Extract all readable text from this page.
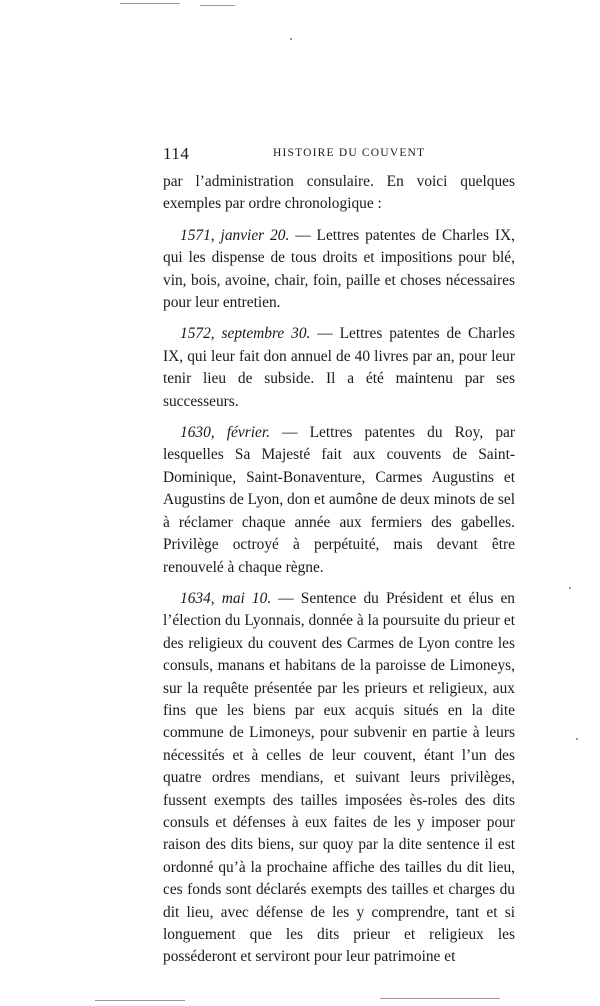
114	HISTOIRE DU COUVENT

par l’administration consulaire. En voici quelques exemples par ordre chronologique :

1571, janvier 20. — Lettres patentes de Charles IX, qui les dispense de tous droits et impositions pour blé, vin, bois, avoine, chair, foin, paille et choses nécessaires pour leur entretien.

1572, septembre 30. — Lettres patentes de Charles IX, qui leur fait don annuel de 40 livres par an, pour leur tenir lieu de subside. Il a été maintenu par ses successeurs.

1630, février. — Lettres patentes du Roy, par lesquelles Sa Majesté fait aux couvents de Saint-Dominique, Saint-Bonaventure, Carmes Augustins et Augustins de Lyon, don et aumône de deux minots de sel à réclamer chaque année aux fermiers des gabelles. Privilège octroyé à perpétuité, mais devant être renouvelé à chaque règne.

1634, mai 10. — Sentence du Président et élus en l’élection du Lyonnais, donnée à la poursuite du prieur et des religieux du couvent des Carmes de Lyon contre les consuls, manans et habitans de la paroisse de Limoneys, sur la requête présentée par les prieurs et religieux, aux fins que les biens par eux acquis situés en la dite commune de Limoneys, pour subvenir en partie à leurs nécessités et à celles de leur couvent, étant l’un des quatre ordres mendians, et suivant leurs privilèges, fussent exempts des tailles imposées ès-roles des dits consuls et défenses à eux faites de les y imposer pour raison des dits biens, sur quoy par la dite sentence il est ordonné qu’à la prochaine affiche des tailles du dit lieu, ces fonds sont déclarés exempts des tailles et charges du dit lieu, avec défense de les y comprendre, tant et si longuement que les dits prieur et religieux les posséderont et serviront pour leur patrimoine et
